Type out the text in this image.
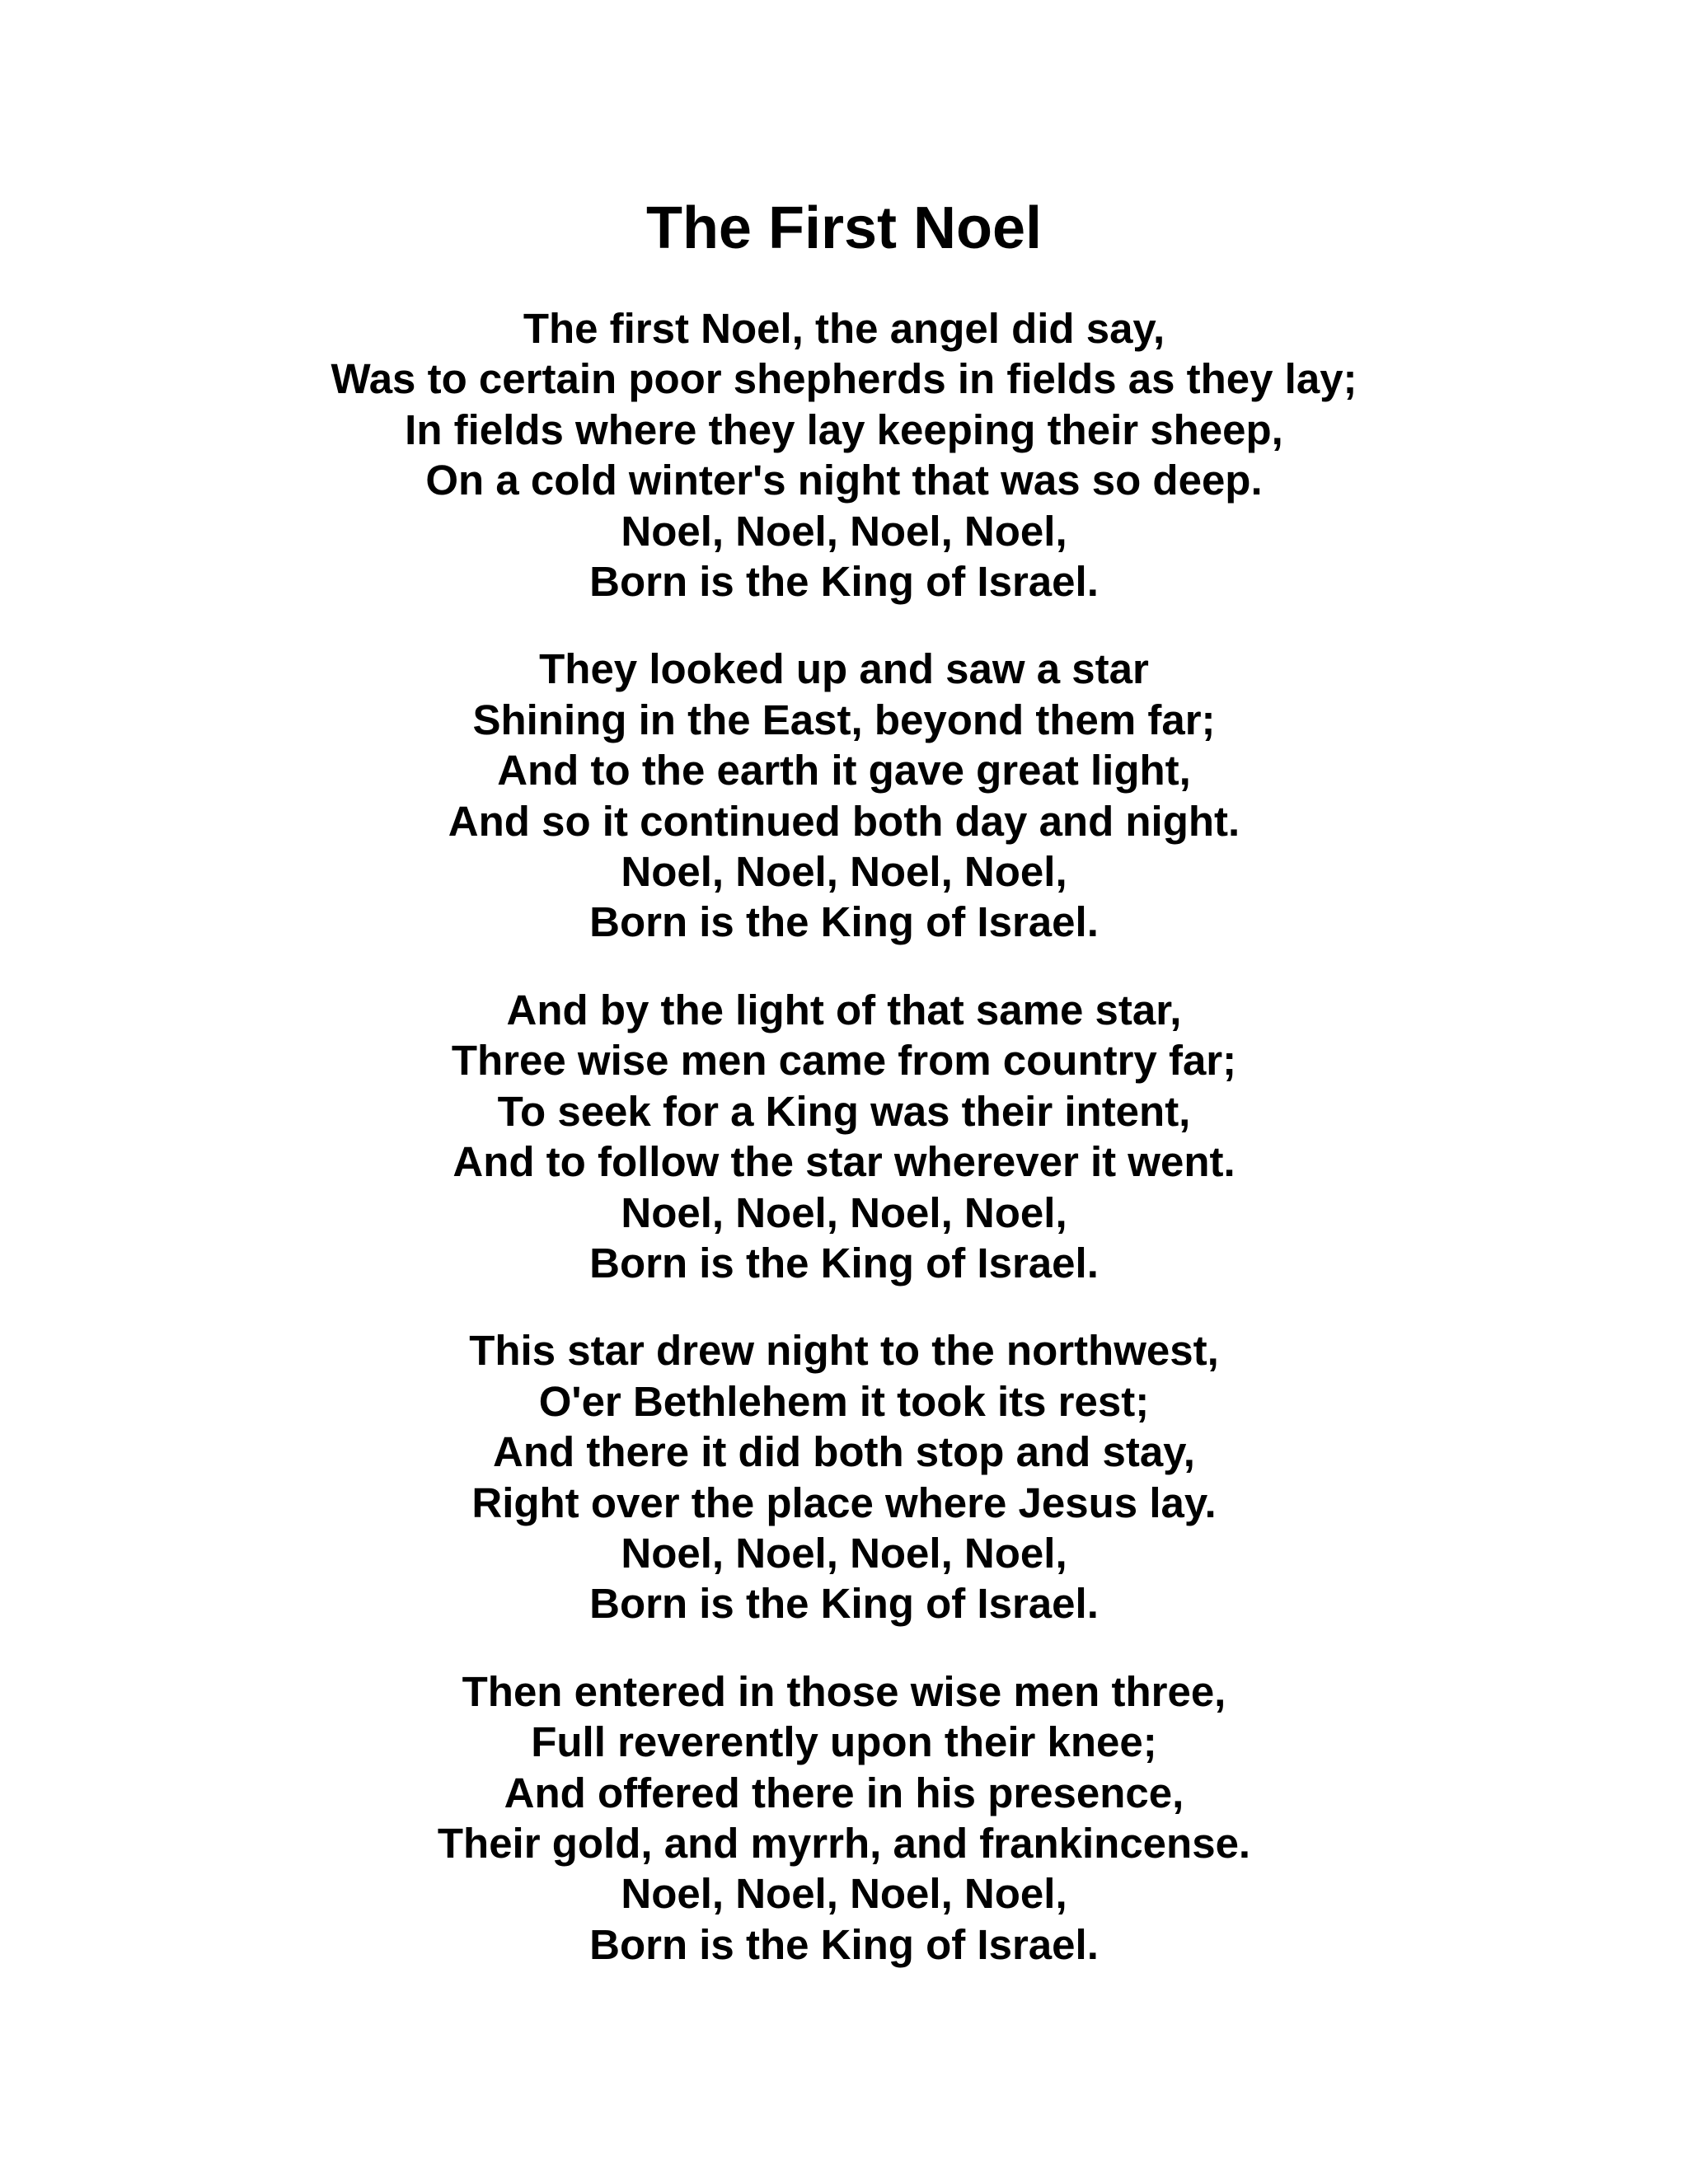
The First Noel
The first Noel, the angel did say,
Was to certain poor shepherds in fields as they lay;
In fields where they lay keeping their sheep,
On a cold winter's night that was so deep.
Noel, Noel, Noel, Noel,
Born is the King of Israel.
They looked up and saw a star
Shining in the East, beyond them far;
And to the earth it gave great light,
And so it continued both day and night.
Noel, Noel, Noel, Noel,
Born is the King of Israel.
And by the light of that same star,
Three wise men came from country far;
To seek for a King was their intent,
And to follow the star wherever it went.
Noel, Noel, Noel, Noel,
Born is the King of Israel.
This star drew night to the northwest,
O'er Bethlehem it took its rest;
And there it did both stop and stay,
Right over the place where Jesus lay.
Noel, Noel, Noel, Noel,
Born is the King of Israel.
Then entered in those wise men three,
Full reverently upon their knee;
And offered there in his presence,
Their gold, and myrrh, and frankincense.
Noel, Noel, Noel, Noel,
Born is the King of Israel.
